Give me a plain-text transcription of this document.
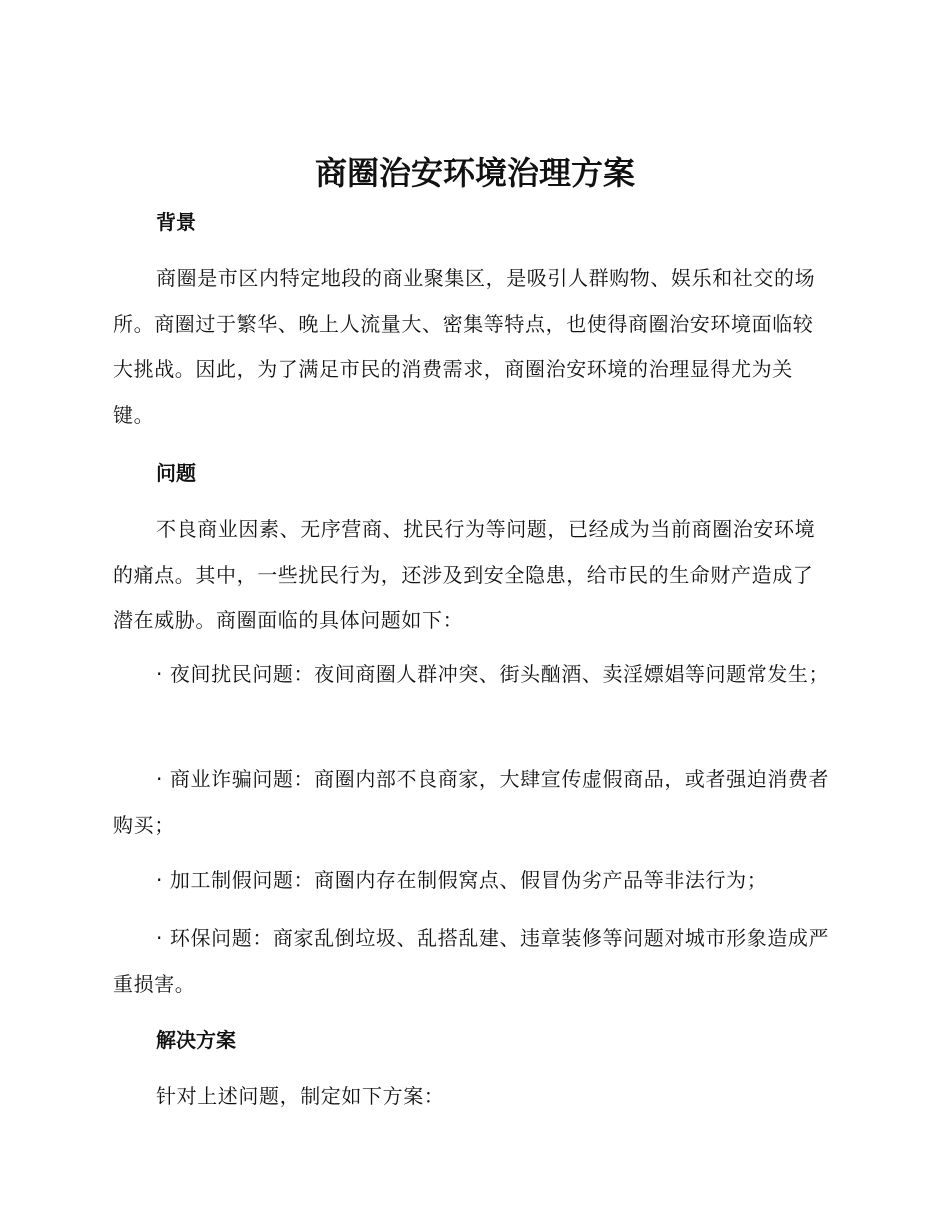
商圈治安环境治理方案
背景

商圈是市区内特定地段的商业聚集区，是吸引人群购物、娱乐和社交的场所。商圈过于繁华、晚上人流量大、密集等特点，也使得商圈治安环境面临较大挑战。因此，为了满足市民的消费需求，商圈治安环境的治理显得尤为关键。

问题

不良商业因素、无序营商、扰民行为等问题，已经成为当前商圈治安环境的痛点。其中，一些扰民行为，还涉及到安全隐患，给市民的生命财产造成了潜在威胁。商圈面临的具体问题如下：

· 夜间扰民问题：夜间商圈人群冲突、街头酗酒、卖淫嫖娼等问题常发生；

· 商业诈骗问题：商圈内部不良商家，大肆宣传虚假商品，或者强迫消费者购买；

· 加工制假问题：商圈内存在制假窝点、假冒伪劣产品等非法行为；

· 环保问题：商家乱倒垃圾、乱搭乱建、违章装修等问题对城市形象造成严重损害。

解决方案

针对上述问题，制定如下方案：
